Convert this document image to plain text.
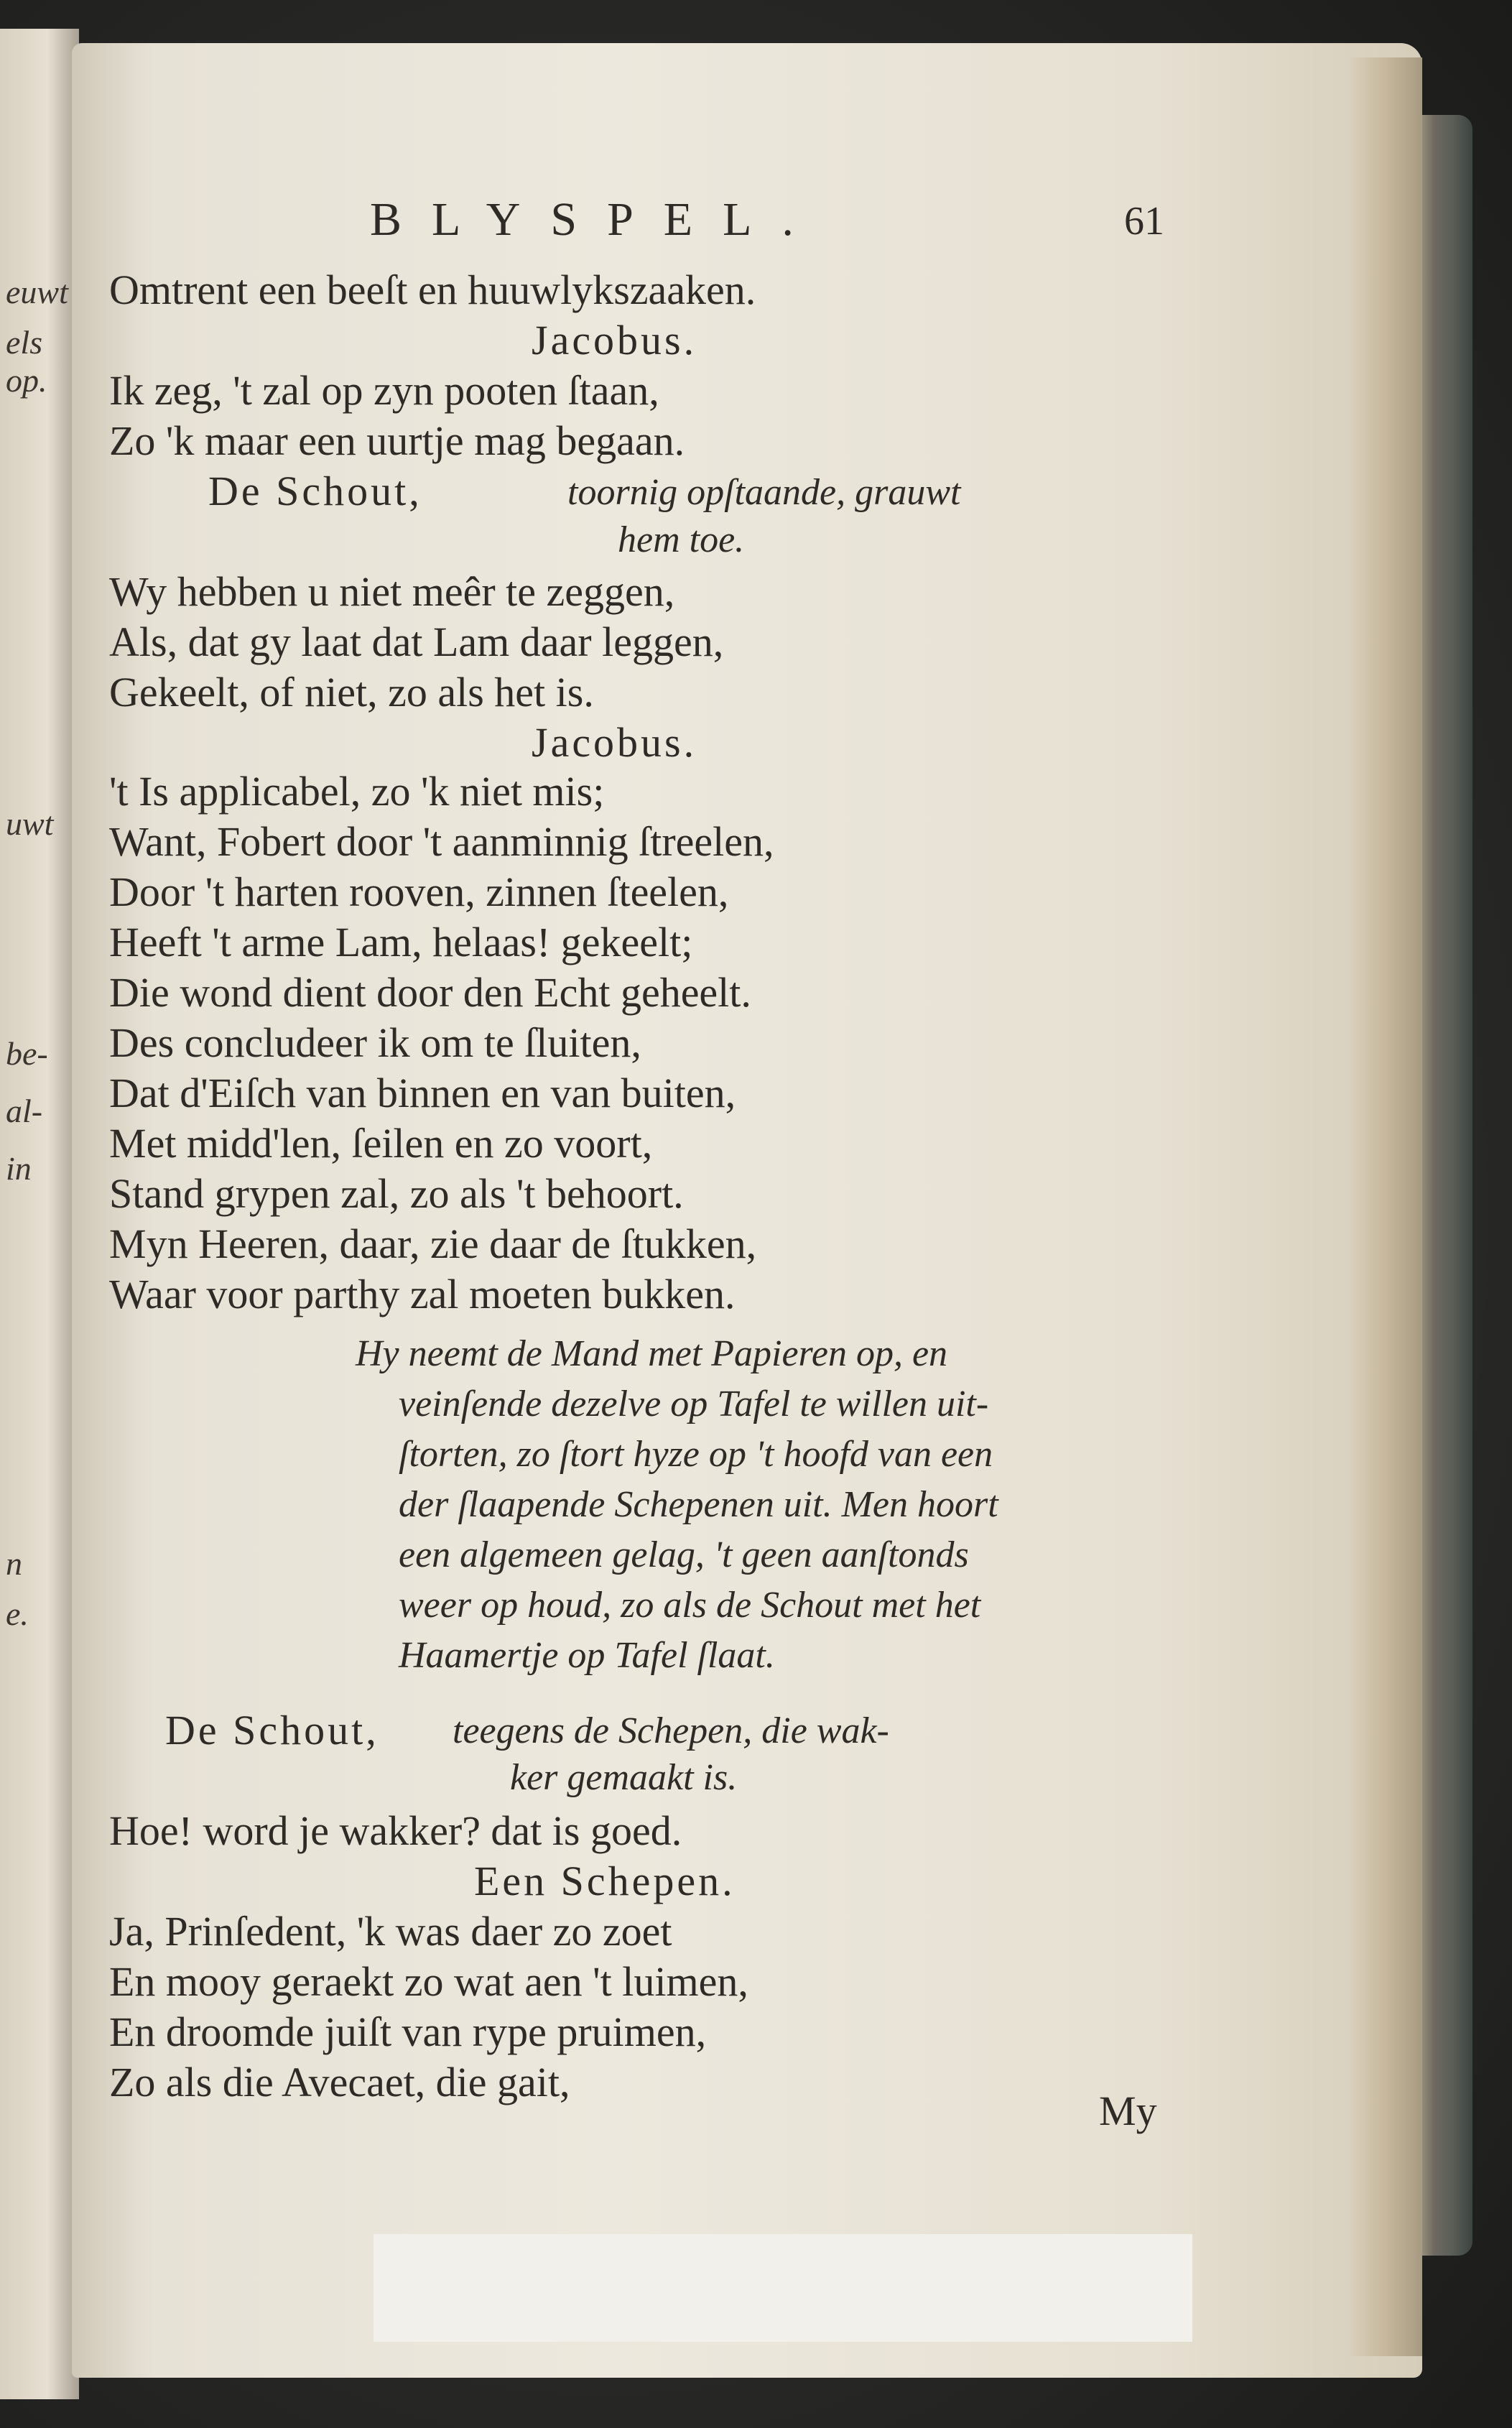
euwt
els op.
uwt
be-
al-
in
n
e.
BLYSPEL.	61
Omtrent een beeſt en huuwlykszaaken.
Jacobus.
Ik zeg, 't zal op zyn pooten ſtaan,
Zo 'k maar een uurtje mag begaan.
De Schout,	toornig opſtaande, grauwt
hem toe.
Wy hebben u niet meêr te zeggen,
Als, dat gy laat dat Lam daar leggen,
Gekeelt, of niet, zo als het is.
Jacobus.
't Is applicabel, zo 'k niet mis;
Want, Fobert door 't aanminnig ſtreelen,
Door 't harten rooven, zinnen ſteelen,
Heeft 't arme Lam, helaas! gekeelt;
Die wond dient door den Echt geheelt.
Des concludeer ik om te ſluiten,
Dat d'Eiſch van binnen en van buiten,
Met midd'len, ſeilen en zo voort,
Stand grypen zal, zo als 't behoort.
Myn Heeren, daar, zie daar de ſtukken,
Waar voor parthy zal moeten bukken.
Hy neemt de Mand met Papieren op, en
veinſende dezelve op Tafel te willen uit-
ſtorten, zo ſtort hyze op 't hoofd van een
der ſlaapende Schepenen uit. Men hoort
een algemeen gelag, 't geen aanſtonds
weer op houd, zo als de Schout met het
Haamertje op Tafel ſlaat.
De Schout, teegens de Schepen, die wak-
ker gemaakt is.
Hoe! word je wakker? dat is goed.
Een Schepen.
Ja, Prinſedent, 'k was daer zo zoet
En mooy geraekt zo wat aen 't luimen,
En droomde juiſt van rype pruimen,
Zo als die Avecaet, die gait,
My
